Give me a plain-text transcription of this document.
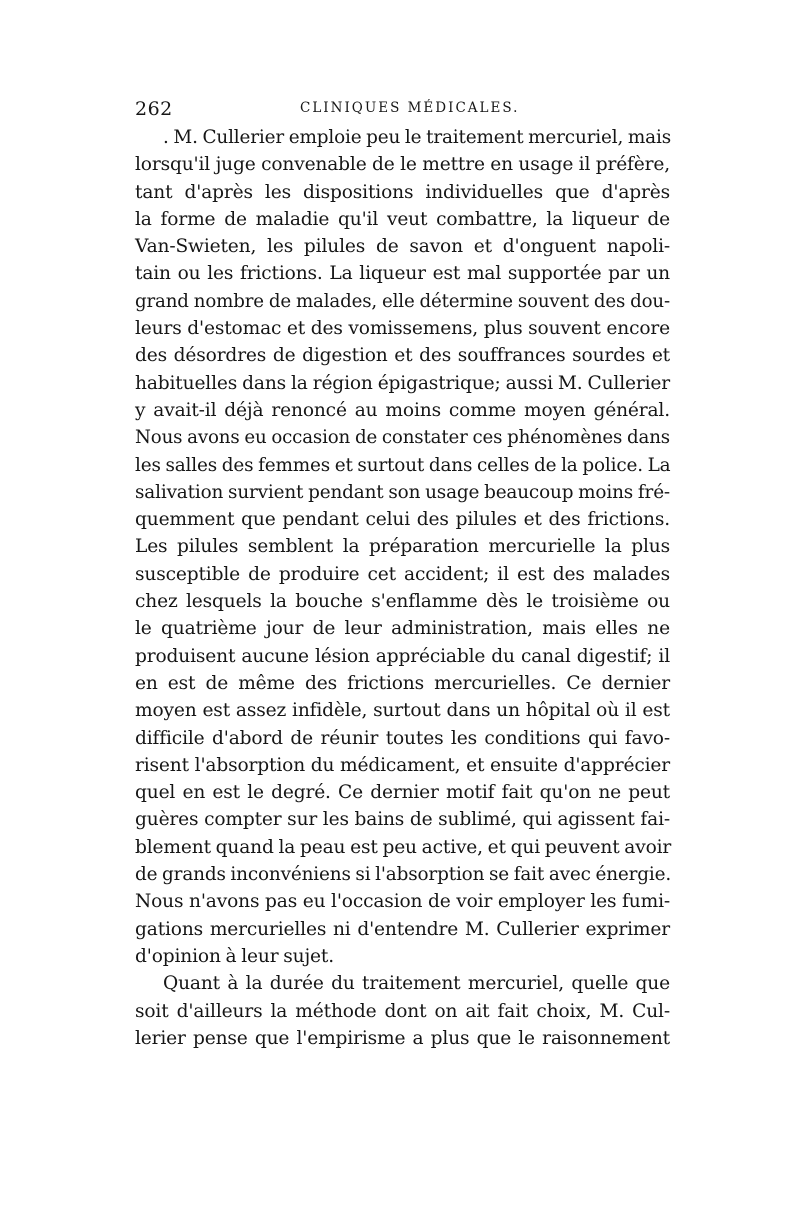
262	CLINIQUES MÉDICALES.
. M. Cullerier emploie peu le traitement mercuriel, mais
lorsqu'il juge convenable de le mettre en usage il préfère,
tant d'après les dispositions individuelles que d'après
la forme de maladie qu'il veut combattre, la liqueur de
Van-Swieten, les pilules de savon et d'onguent napoli-
tain ou les frictions. La liqueur est mal supportée par un
grand nombre de malades, elle détermine souvent des dou-
leurs d'estomac et des vomissemens, plus souvent encore
des désordres de digestion et des souffrances sourdes et
habituelles dans la région épigastrique; aussi M. Cullerier
y avait-il déjà renoncé au moins comme moyen général.
Nous avons eu occasion de constater ces phénomènes dans
les salles des femmes et surtout dans celles de la police. La
salivation survient pendant son usage beaucoup moins fré-
quemment que pendant celui des pilules et des frictions.
Les pilules semblent la préparation mercurielle la plus
susceptible de produire cet accident; il est des malades
chez lesquels la bouche s'enflamme dès le troisième ou
le quatrième jour de leur administration, mais elles ne
produisent aucune lésion appréciable du canal digestif; il
en est de même des frictions mercurielles. Ce dernier
moyen est assez infidèle, surtout dans un hôpital où il est
difficile d'abord de réunir toutes les conditions qui favo-
risent l'absorption du médicament, et ensuite d'apprécier
quel en est le degré. Ce dernier motif fait qu'on ne peut
guères compter sur les bains de sublimé, qui agissent fai-
blement quand la peau est peu active, et qui peuvent avoir
de grands inconvéniens si l'absorption se fait avec énergie.
Nous n'avons pas eu l'occasion de voir employer les fumi-
gations mercurielles ni d'entendre M. Cullerier exprimer
d'opinion à leur sujet.
Quant à la durée du traitement mercuriel, quelle que
soit d'ailleurs la méthode dont on ait fait choix, M. Cul-
lerier pense que l'empirisme a plus que le raisonnement
